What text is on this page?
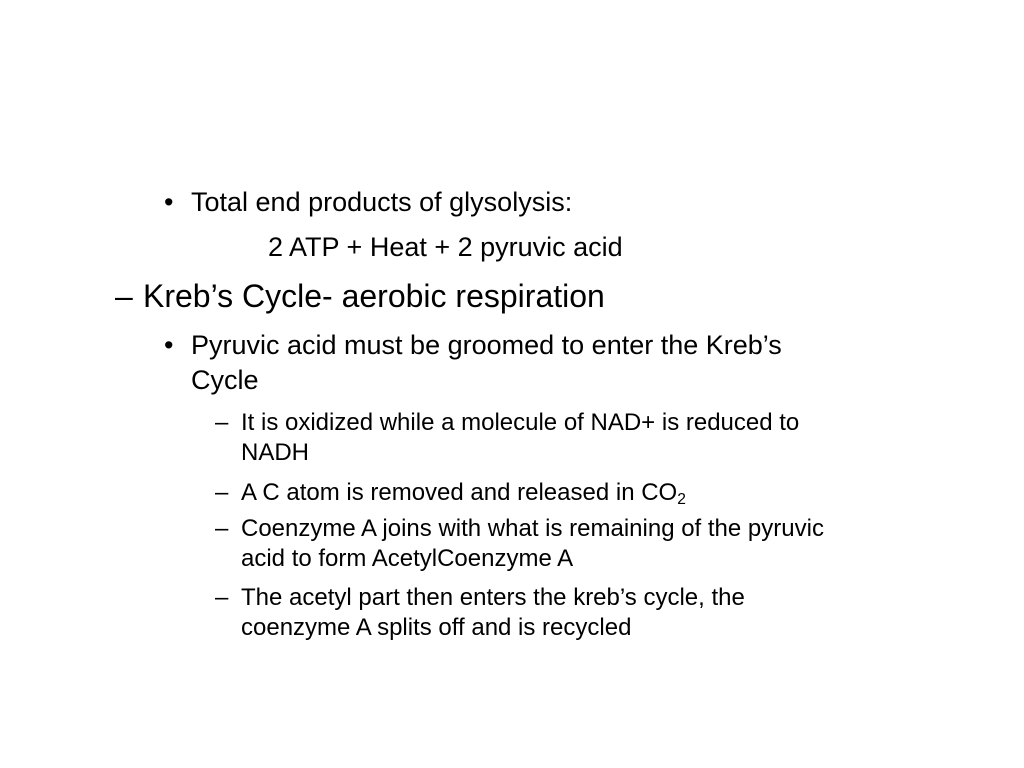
• Total end products of glysolysis:
2 ATP + Heat + 2 pyruvic acid
– Kreb’s Cycle- aerobic respiration
• Pyruvic acid must be groomed to enter the Kreb’s
Cycle
– It is oxidized while a molecule of NAD+ is reduced to
NADH
– A C atom is removed and released in $CO_2$
– Coenzyme A joins with what is remaining of the pyruvic
acid to form AcetylCoenzyme A
– The acetyl part then enters the kreb’s cycle, the
coenzyme A splits off and is recycled
